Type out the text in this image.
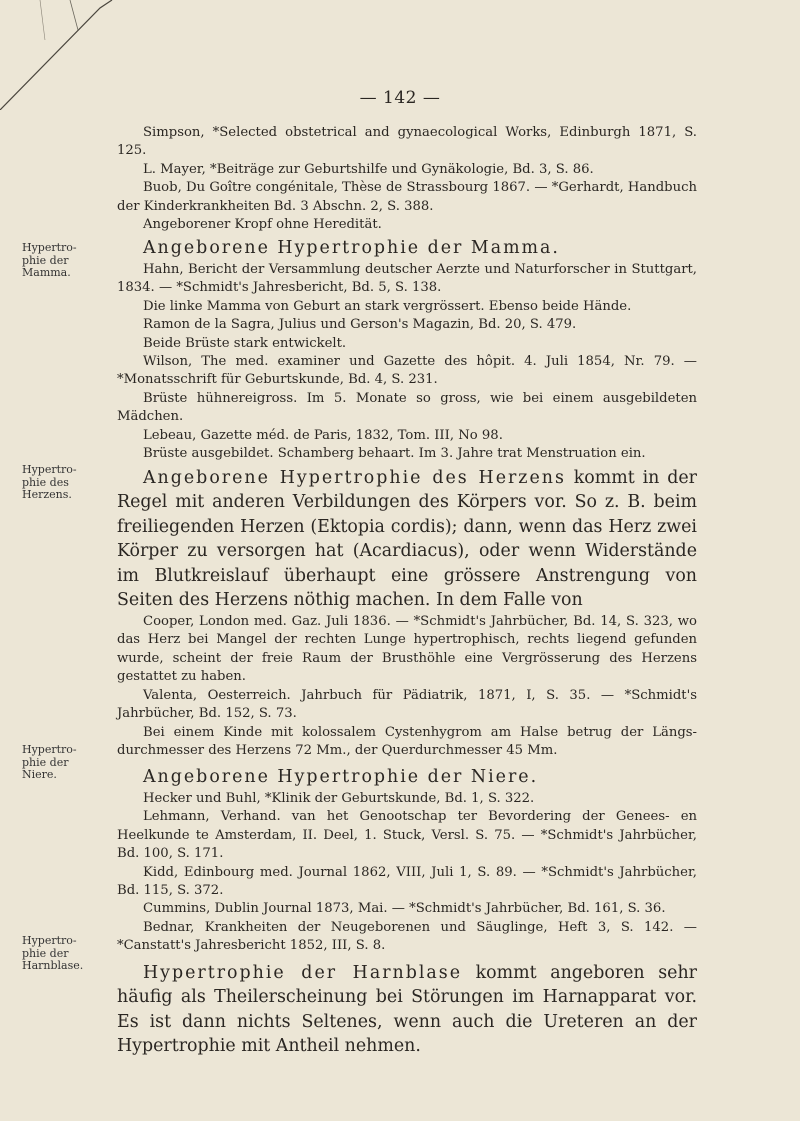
— 142 —
Hypertro-
phie der
Mamma.
Hypertro-
phie des
Herzens.
Hypertro-
phie der
Niere.
Hypertro-
phie der
Harnblase.

Simpson, *Selected obstetrical and gynaecological Works, Edinburgh 1871, S. 125.

L. Mayer, *Beiträge zur Geburtshilfe und Gynäkologie, Bd. 3, S. 86.

Buob, Du Goître congénitale, Thèse de Strassbourg 1867. — *Gerhardt, Handbuch der Kinderkrankheiten Bd. 3 Abschn. 2, S. 388.

Angeborener Kropf ohne Heredität.

Angeborene Hypertrophie der Mamma.

Hahn, Bericht der Versammlung deutscher Aerzte und Naturforscher in Stuttgart, 1834. — *Schmidt's Jahresbericht, Bd. 5, S. 138.

Die linke Mamma von Geburt an stark vergrössert. Ebenso beide Hände.

Ramon de la Sagra, Julius und Gerson's Magazin, Bd. 20, S. 479.

Beide Brüste stark entwickelt.

Wilson, The med. examiner und Gazette des hôpit. 4. Juli 1854, Nr. 79. — *Monatsschrift für Geburtskunde, Bd. 4, S. 231.

Brüste hühnereigross. Im 5. Monate so gross, wie bei einem ausgebildeten Mädchen.

Lebeau, Gazette méd. de Paris, 1832, Tom. III, No 98.

Brüste ausgebildet. Schamberg behaart. Im 3. Jahre trat Menstruation ein.

Angeborene Hypertrophie des Herzens kommt in der Regel mit anderen Verbildungen des Körpers vor. So z. B. beim freiliegenden Herzen (Ektopia cordis); dann, wenn das Herz zwei Körper zu versorgen hat (Acardiacus), oder wenn Widerstände im Blutkreislauf überhaupt eine grössere Anstrengung von Seiten des Herzens nöthig machen. In dem Falle von

Cooper, London med. Gaz. Juli 1836. — *Schmidt's Jahrbücher, Bd. 14, S. 323, wo das Herz bei Mangel der rechten Lunge hypertrophisch, rechts liegend gefunden wurde, scheint der freie Raum der Brusthöhle eine Vergrösserung des Herzens gestattet zu haben.

Valenta, Oesterreich. Jahrbuch für Pädiatrik, 1871, I, S. 35. — *Schmidt's Jahrbücher, Bd. 152, S. 73.

Bei einem Kinde mit kolossalem Cystenhygrom am Halse betrug der Längs-durchmesser des Herzens 72 Mm., der Querdurchmesser 45 Mm.

Angeborene Hypertrophie der Niere.

Hecker und Buhl, *Klinik der Geburtskunde, Bd. 1, S. 322.

Lehmann, Verhand. van het Genootschap ter Bevordering der Genees- en Heelkunde te Amsterdam, II. Deel, 1. Stuck, Versl. S. 75. — *Schmidt's Jahrbücher, Bd. 100, S. 171.

Kidd, Edinbourg med. Journal 1862, VIII, Juli 1, S. 89. — *Schmidt's Jahrbücher, Bd. 115, S. 372.

Cummins, Dublin Journal 1873, Mai. — *Schmidt's Jahrbücher, Bd. 161, S. 36.

Bednar, Krankheiten der Neugeborenen und Säuglinge, Heft 3, S. 142. — *Canstatt's Jahresbericht 1852, III, S. 8.

Hypertrophie der Harnblase kommt angeboren sehr häufig als Theilerscheinung bei Störungen im Harnapparat vor. Es ist dann nichts Seltenes, wenn auch die Ureteren an der Hypertrophie mit Antheil nehmen.
